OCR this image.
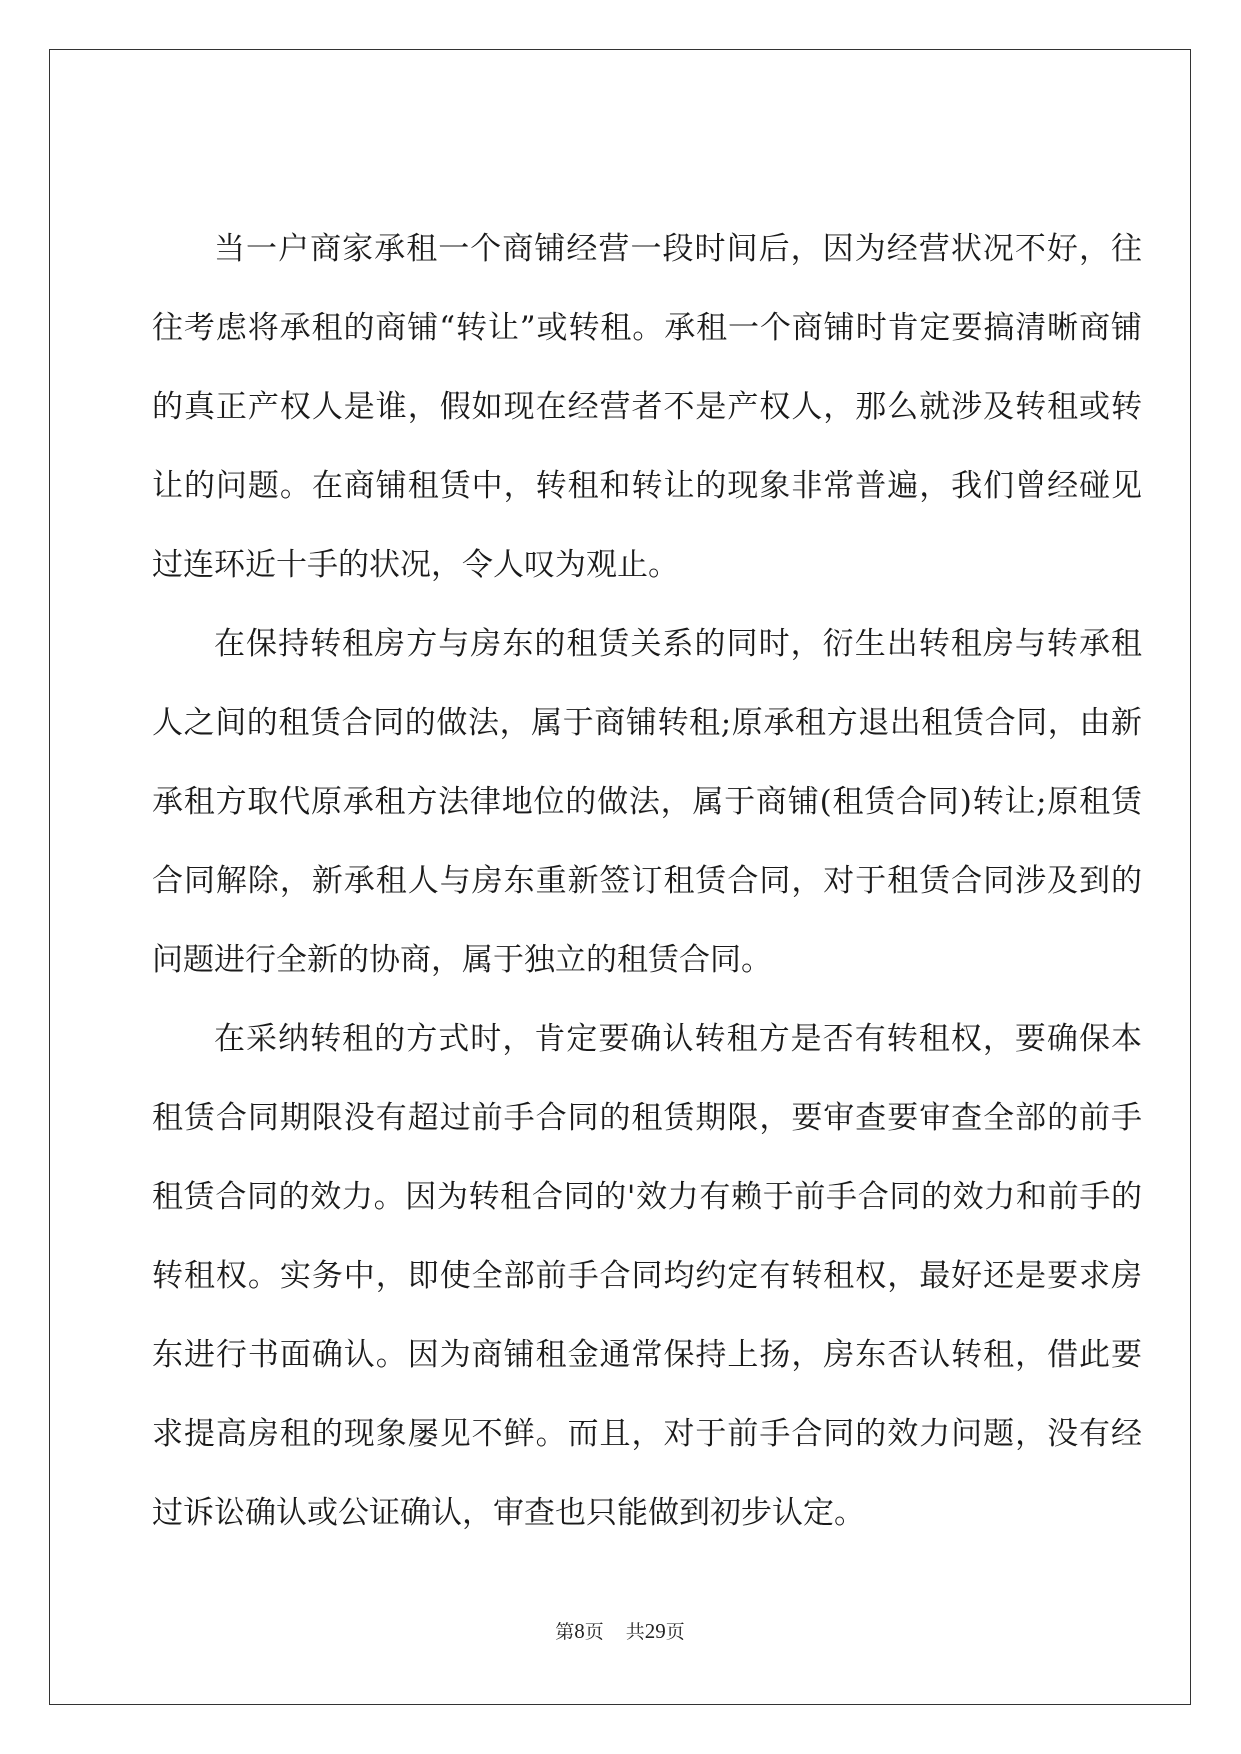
当一户商家承租一个商铺经营一段时间后，因为经营状况不好，往往考虑将承租的商铺“转让”或转租。承租一个商铺时肯定要搞清晰商铺的真正产权人是谁，假如现在经营者不是产权人，那么就涉及转租或转让的问题。在商铺租赁中，转租和转让的现象非常普遍，我们曾经碰见过连环近十手的状况，令人叹为观止。

在保持转租房方与房东的租赁关系的同时，衍生出转租房与转承租人之间的租赁合同的做法，属于商铺转租;原承租方退出租赁合同，由新承租方取代原承租方法律地位的做法，属于商铺(租赁合同)转让;原租赁合同解除，新承租人与房东重新签订租赁合同，对于租赁合同涉及到的问题进行全新的协商，属于独立的租赁合同。

在采纳转租的方式时，肯定要确认转租方是否有转租权，要确保本租赁合同期限没有超过前手合同的租赁期限，要审查要审查全部的前手租赁合同的效力。因为转租合同的'效力有赖于前手合同的效力和前手的转租权。实务中，即使全部前手合同均约定有转租权，最好还是要求房东进行书面确认。因为商铺租金通常保持上扬，房东否认转租，借此要求提高房租的现象屡见不鲜。而且，对于前手合同的效力问题，没有经过诉讼确认或公证确认，审查也只能做到初步认定。

第8页 共29页
